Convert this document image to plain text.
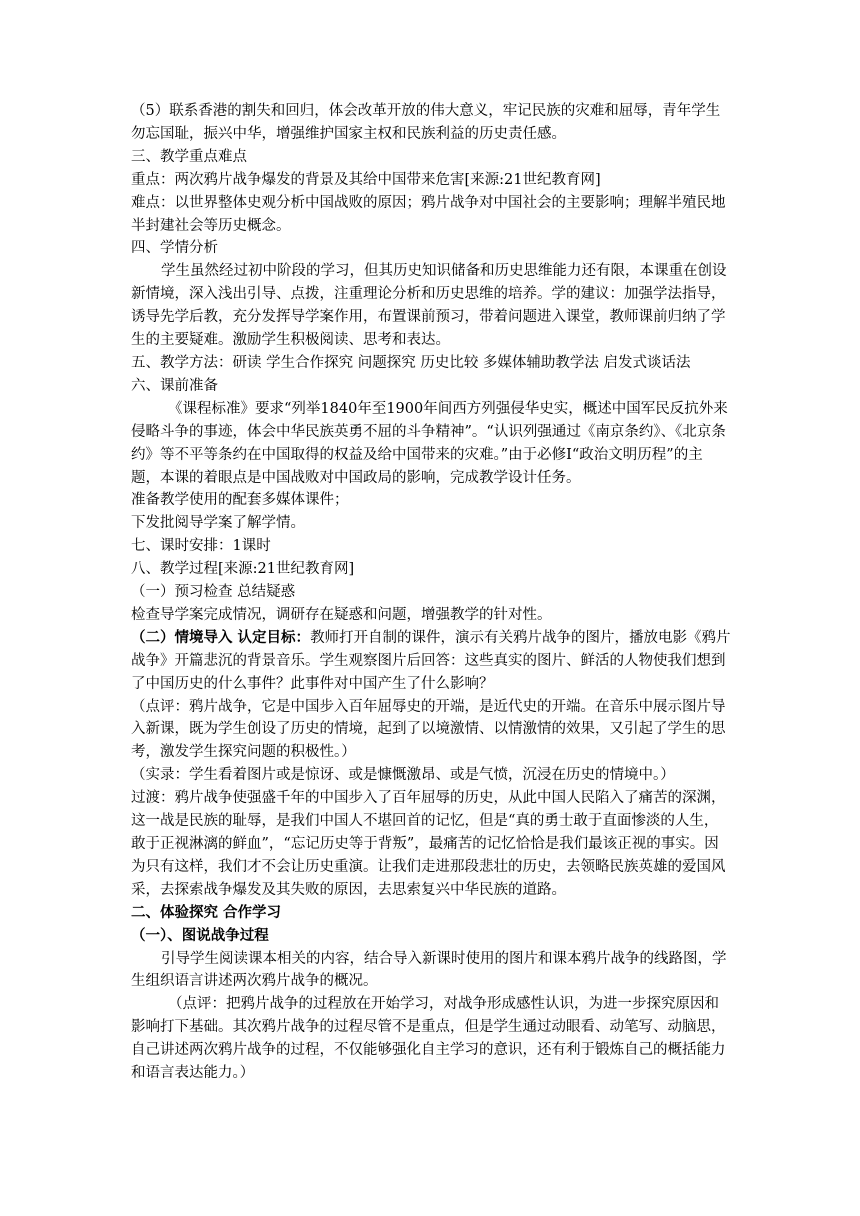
（5）联系香港的割失和回归，体会改革开放的伟大意义，牢记民族的灾难和屈辱，青年学生勿忘国耻，振兴中华，增强维护国家主权和民族利益的历史责任感。

三、教学重点难点

重点：两次鸦片战争爆发的背景及其给中国带来危害[来源:21世纪教育网]

难点：以世界整体史观分析中国战败的原因；鸦片战争对中国社会的主要影响；理解半殖民地半封建社会等历史概念。

四、学情分析

学生虽然经过初中阶段的学习，但其历史知识储备和历史思维能力还有限，本课重在创设新情境，深入浅出引导、点拨，注重理论分析和历史思维的培养。学的建议：加强学法指导，诱导先学后教，充分发挥导学案作用，布置课前预习，带着问题进入课堂，教师课前归纳了学生的主要疑难。激励学生积极阅读、思考和表达。

五、教学方法：研读 学生合作探究 问题探究 历史比较 多媒体辅助教学法 启发式谈话法

六、课前准备

《课程标准》要求“列举1840年至1900年间西方列强侵华史实，概述中国军民反抗外来侵略斗争的事迹，体会中华民族英勇不屈的斗争精神”。“认识列强通过《南京条约》、《北京条约》等不平等条约在中国取得的权益及给中国带来的灾难。”由于必修Ⅰ“政治文明历程”的主题，本课的着眼点是中国战败对中国政局的影响，完成教学设计任务。

准备教学使用的配套多媒体课件；

下发批阅导学案了解学情。

七、课时安排：1课时

八、教学过程[来源:21世纪教育网]

（一）预习检查 总结疑惑

检查导学案完成情况，调研存在疑惑和问题，增强教学的针对性。

（二）情境导入 认定目标：教师打开自制的课件，演示有关鸦片战争的图片，播放电影《鸦片战争》开篇悲沉的背景音乐。学生观察图片后回答：这些真实的图片、鲜活的人物使我们想到了中国历史的什么事件？此事件对中国产生了什么影响？

（点评：鸦片战争，它是中国步入百年屈辱史的开端，是近代史的开端。在音乐中展示图片导入新课，既为学生创设了历史的情境，起到了以境激情、以情激情的效果，又引起了学生的思考，激发学生探究问题的积极性。）

（实录：学生看着图片或是惊讶、或是慷慨激昂、或是气愤，沉浸在历史的情境中。）

过渡：鸦片战争使强盛千年的中国步入了百年屈辱的历史，从此中国人民陷入了痛苦的深渊，这一战是民族的耻辱，是我们中国人不堪回首的记忆，但是“真的勇士敢于直面惨淡的人生，敢于正视淋漓的鲜血”，“忘记历史等于背叛”，最痛苦的记忆恰恰是我们最该正视的事实。因为只有这样，我们才不会让历史重演。让我们走进那段悲壮的历史，去领略民族英雄的爱国风采，去探索战争爆发及其失败的原因，去思索复兴中华民族的道路。

二、体验探究 合作学习

（一）、图说战争过程

引导学生阅读课本相关的内容，结合导入新课时使用的图片和课本鸦片战争的线路图，学生组织语言讲述两次鸦片战争的概况。

（点评：把鸦片战争的过程放在开始学习，对战争形成感性认识，为进一步探究原因和影响打下基础。其次鸦片战争的过程尽管不是重点，但是学生通过动眼看、动笔写、动脑思，自己讲述两次鸦片战争的过程，不仅能够强化自主学习的意识，还有利于锻炼自己的概括能力和语言表达能力。）
